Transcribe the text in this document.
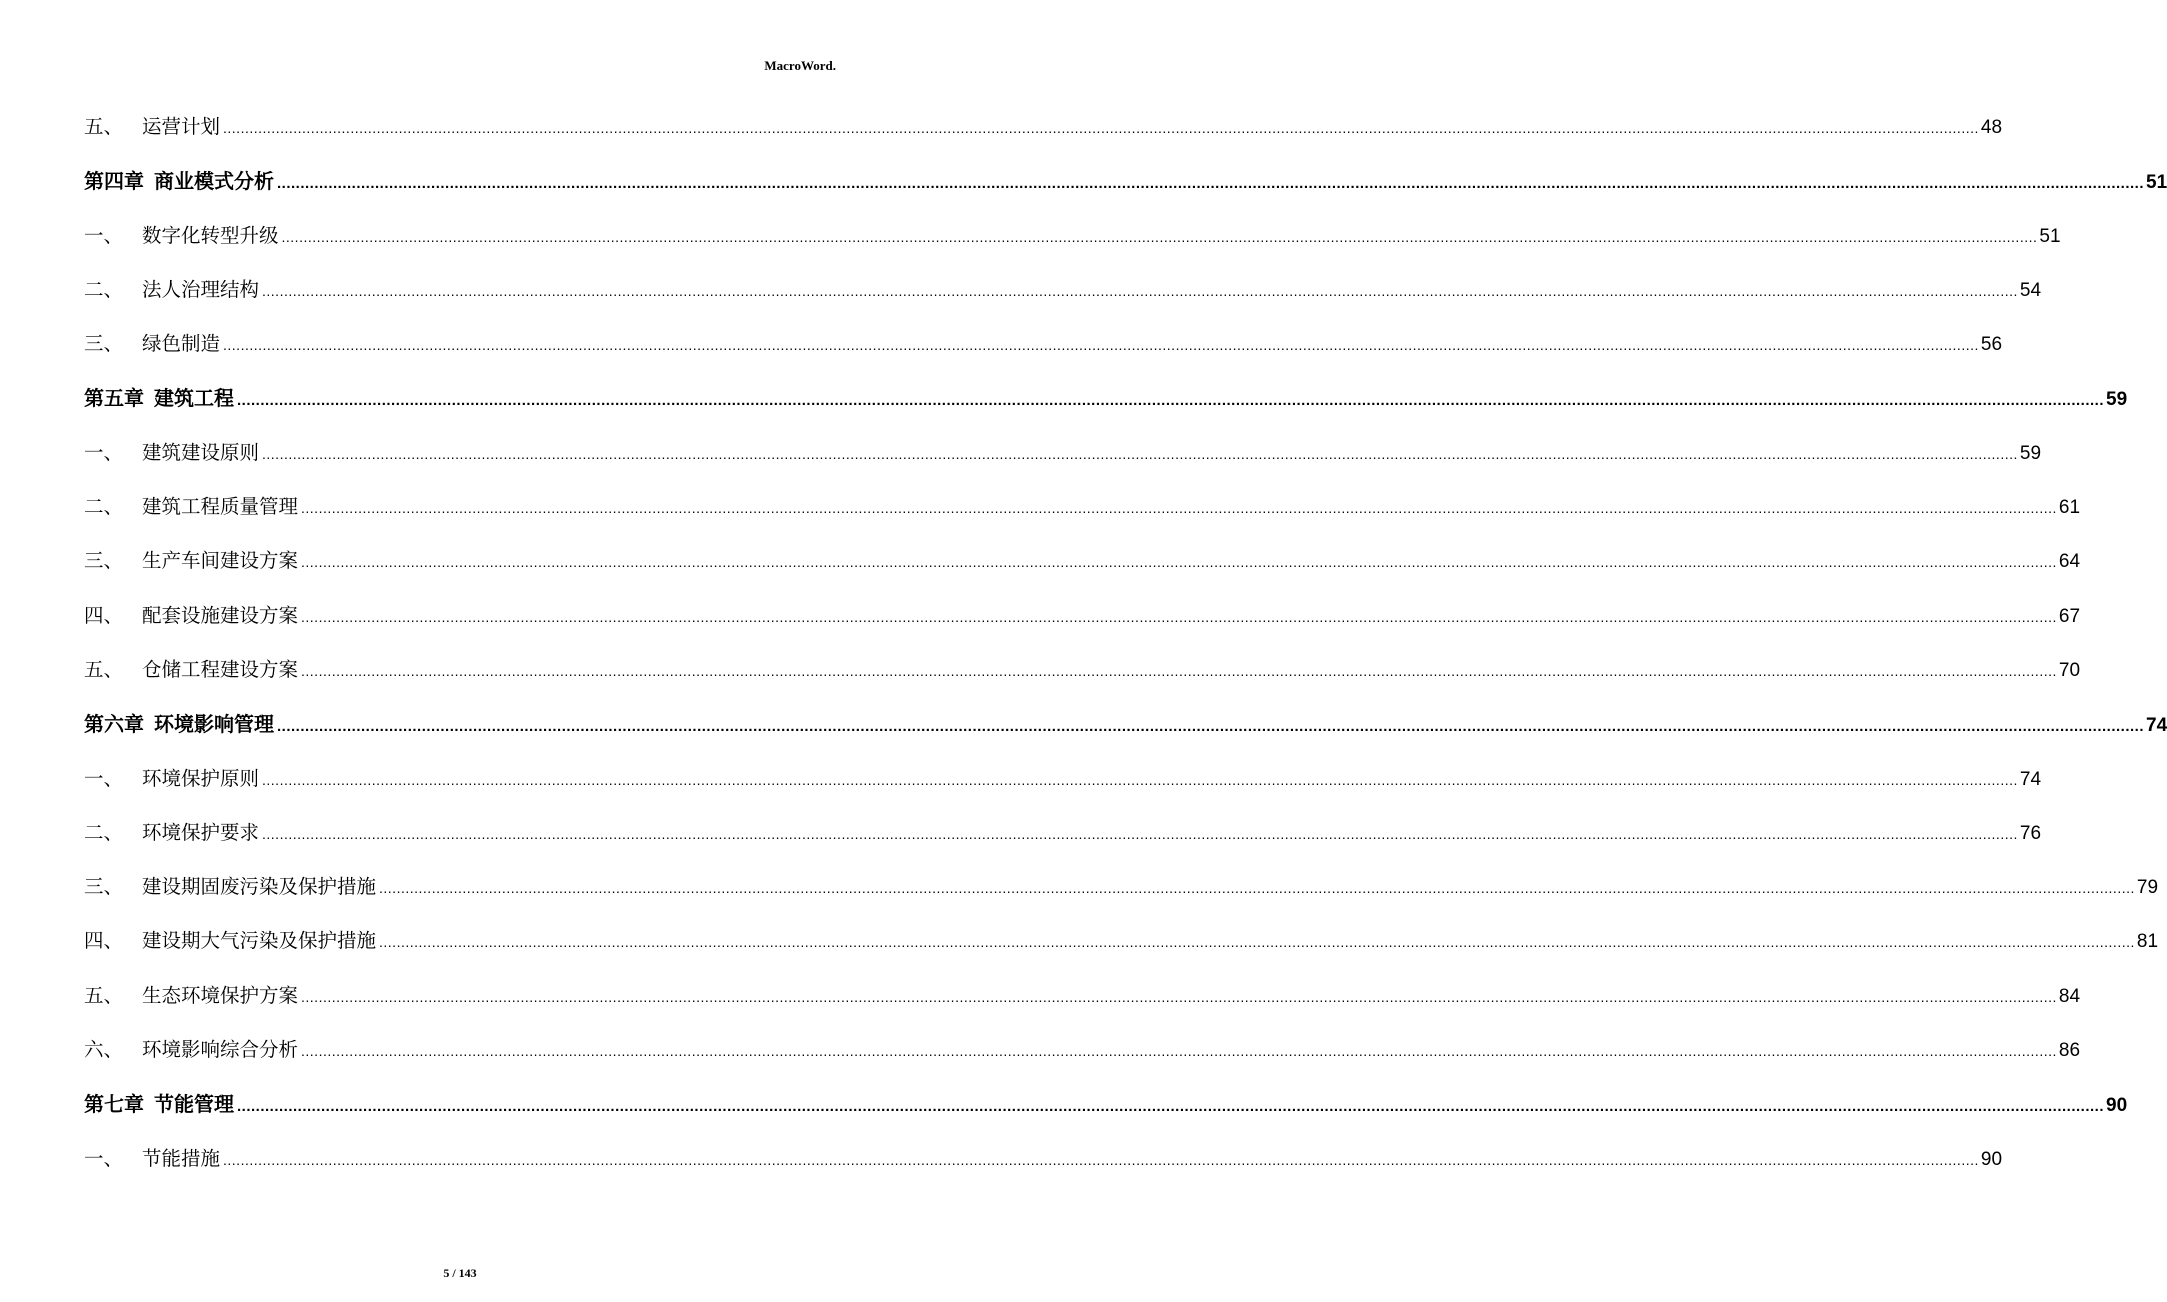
MacroWord.
五、 运营计划 ................................................................................................................................................................................................................................................................................................................................................................................................................ 48
第四章 商业模式分析 ................................................................................................................................................................................................................................................................................................................................................................................................................ 51
一、 数字化转型升级 ................................................................................................................................................................................................................................................................................................................................................................................................................ 51
二、 法人治理结构 ................................................................................................................................................................................................................................................................................................................................................................................................................ 54
三、 绿色制造 ................................................................................................................................................................................................................................................................................................................................................................................................................ 56
第五章 建筑工程 ................................................................................................................................................................................................................................................................................................................................................................................................................ 59
一、 建筑建设原则 ................................................................................................................................................................................................................................................................................................................................................................................................................ 59
二、 建筑工程质量管理 ................................................................................................................................................................................................................................................................................................................................................................................................................ 61
三、 生产车间建设方案 ................................................................................................................................................................................................................................................................................................................................................................................................................ 64
四、 配套设施建设方案 ................................................................................................................................................................................................................................................................................................................................................................................................................ 67
五、 仓储工程建设方案 ................................................................................................................................................................................................................................................................................................................................................................................................................ 70
第六章 环境影响管理 ................................................................................................................................................................................................................................................................................................................................................................................................................ 74
一、 环境保护原则 ................................................................................................................................................................................................................................................................................................................................................................................................................ 74
二、 环境保护要求 ................................................................................................................................................................................................................................................................................................................................................................................................................ 76
三、 建设期固废污染及保护措施 ................................................................................................................................................................................................................................................................................................................................................................................................................ 79
四、 建设期大气污染及保护措施 ................................................................................................................................................................................................................................................................................................................................................................................................................ 81
五、 生态环境保护方案 ................................................................................................................................................................................................................................................................................................................................................................................................................ 84
六、 环境影响综合分析 ................................................................................................................................................................................................................................................................................................................................................................................................................ 86
第七章 节能管理 ................................................................................................................................................................................................................................................................................................................................................................................................................ 90
一、 节能措施 ................................................................................................................................................................................................................................................................................................................................................................................................................ 90
5 / 143
